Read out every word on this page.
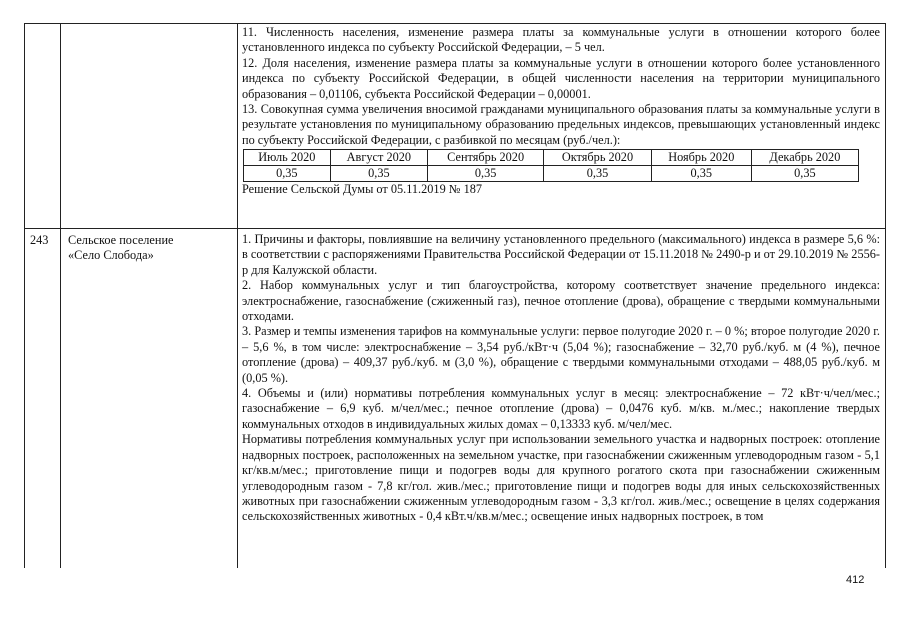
11. Численность населения, изменение размера платы за коммунальные услуги в отношении которого более установленного индекса по субъекту Российской Федерации, – 5 чел.

12. Доля населения, изменение размера платы за коммунальные услуги в отношении которого более установленного индекса по субъекту Российской Федерации, в общей численности населения на территории муниципального образования – 0,01106, субъекта Российской Федерации – 0,00001.

13. Совокупная сумма увеличения вносимой гражданами муниципального образования платы за коммунальные услуги в результате установления по муниципальному образованию предельных индексов, превышающих установленный индекс по субъекту Российской Федерации, с разбивкой по месяцам (руб./чел.):

Июль 2020	Август 2020	Сентябрь 2020	Октябрь 2020	Ноябрь 2020	Декабрь 2020
0,35	0,35	0,35	0,35	0,35	0,35

Решение Сельской Думы от 05.11.2019 № 187

243 Сельское поселение
«Село Слобода»

1. Причины и факторы, повлиявшие на величину установленного предельного (максимального) индекса в размере 5,6 %: в соответствии с распоряжениями Правительства Российской Федерации от 15.11.2018 № 2490-р и от 29.10.2019 № 2556-р для Калужской области.

2. Набор коммунальных услуг и тип благоустройства, которому соответствует значение предельного индекса: электроснабжение, газоснабжение (сжиженный газ), печное отопление (дрова), обращение с твердыми коммунальными отходами.

3. Размер и темпы изменения тарифов на коммунальные услуги: первое полугодие 2020 г. – 0 %; второе полугодие 2020 г. – 5,6 %, в том числе: электроснабжение – 3,54 руб./кВт·ч (5,04 %); газоснабжение – 32,70 руб./куб. м (4 %), печное отопление (дрова) – 409,37 руб./куб. м (3,0 %), обращение с твердыми коммунальными отходами – 488,05 руб./куб. м (0,05 %).

4. Объемы и (или) нормативы потребления коммунальных услуг в месяц: электроснабжение – 72 кВт·ч/чел/мес.; газоснабжение – 6,9 куб. м/чел/мес.; печное отопление (дрова) – 0,0476 куб. м/кв. м./мес.; накопление твердых коммунальных отходов в индивидуальных жилых домах – 0,13333 куб. м/чел/мес.

Нормативы потребления коммунальных услуг при использовании земельного участка и надворных построек: отопление надворных построек, расположенных на земельном участке, при газоснабжении сжиженным углеводородным газом - 5,1 кг/кв.м/мес.; приготовление пищи и подогрев воды для крупного рогатого скота при газоснабжении сжиженным углеводородным газом - 7,8 кг/гол. жив./мес.; приготовление пищи и подогрев воды для иных сельскохозяйственных животных при газоснабжении сжиженным углеводородным газом - 3,3 кг/гол. жив./мес.; освещение в целях содержания сельскохозяйственных животных - 0,4 кВт.ч/кв.м/мес.; освещение иных надворных построек, в том

412
